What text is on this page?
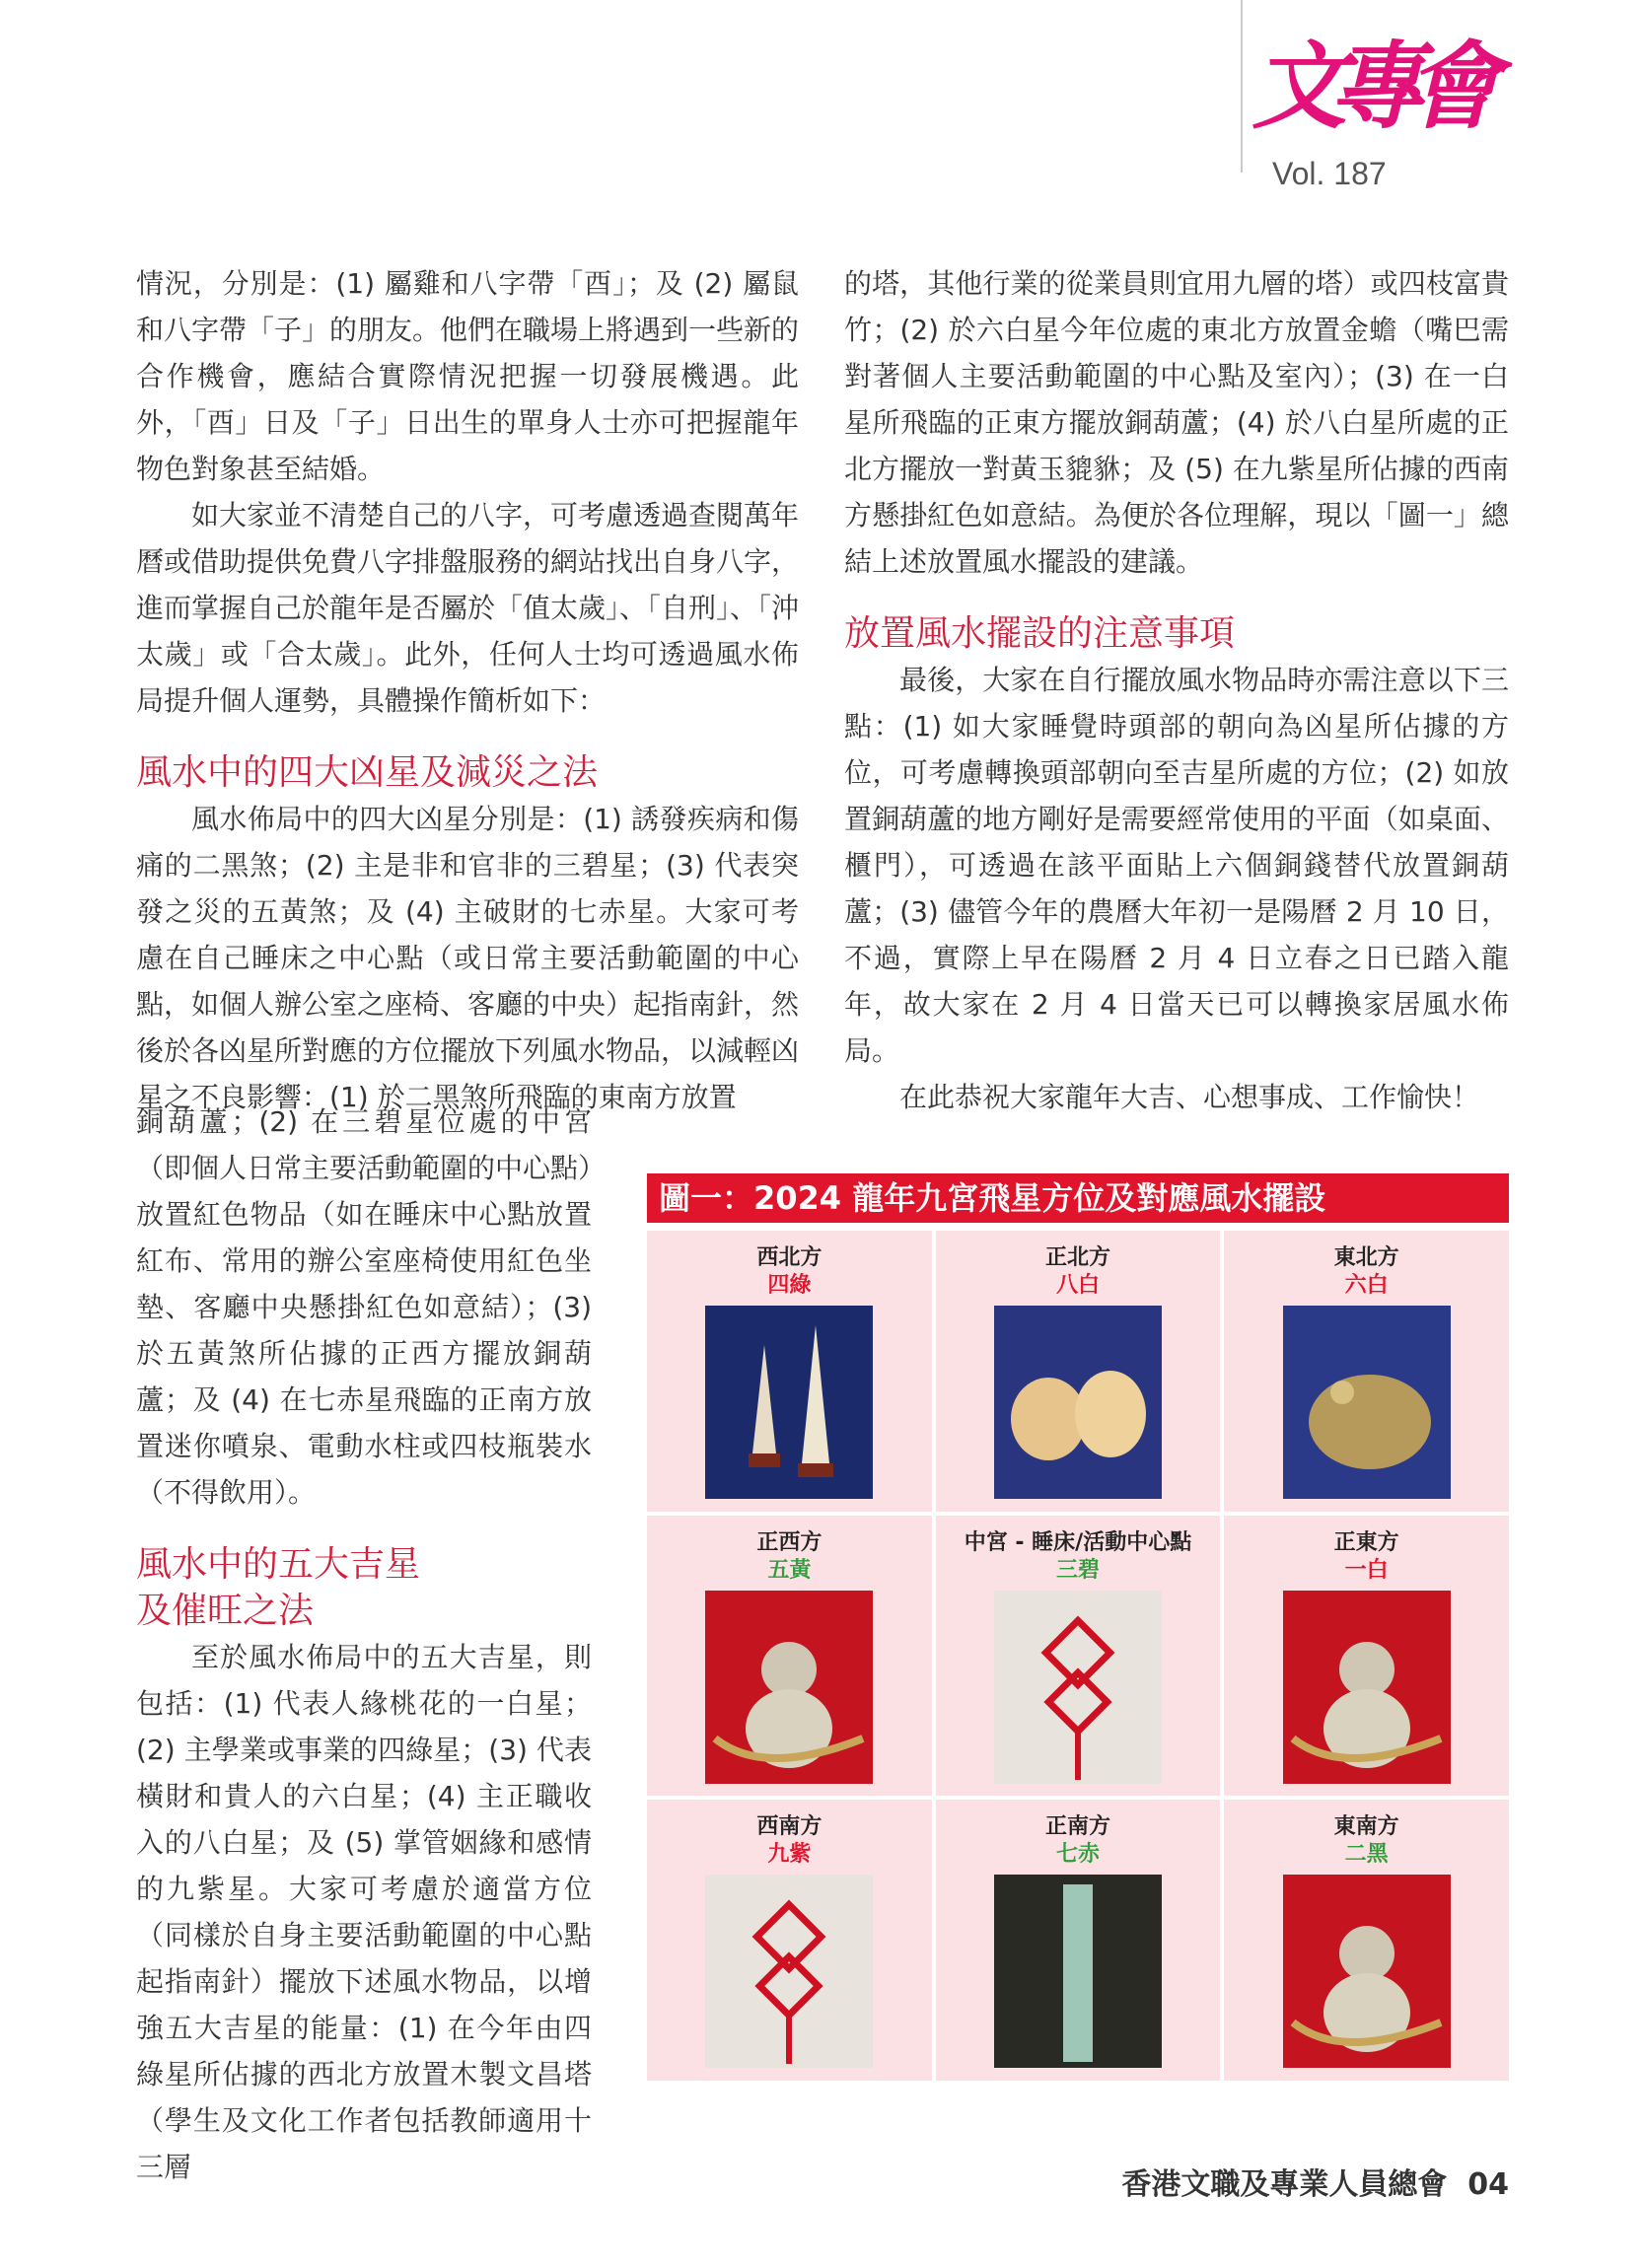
文專會
Vol. 187

情況，分別是：(1) 屬雞和八字帶「酉」；及 (2) 屬鼠和八字帶「子」的朋友。他們在職場上將遇到一些新的合作機會，應結合實際情況把握一切發展機遇。此外，「酉」日及「子」日出生的單身人士亦可把握龍年物色對象甚至結婚。

如大家並不清楚自己的八字，可考慮透過查閱萬年曆或借助提供免費八字排盤服務的網站找出自身八字，進而掌握自己於龍年是否屬於「值太歲」、「自刑」、「沖太歲」或「合太歲」。此外，任何人士均可透過風水佈局提升個人運勢，具體操作簡析如下：

風水中的四大凶星及減災之法

風水佈局中的四大凶星分別是：(1) 誘發疾病和傷痛的二黑煞；(2) 主是非和官非的三碧星；(3) 代表突發之災的五黃煞；及 (4) 主破財的七赤星。大家可考慮在自己睡床之中心點（或日常主要活動範圍的中心點，如個人辦公室之座椅、客廳的中央）起指南針，然後於各凶星所對應的方位擺放下列風水物品，以減輕凶星之不良影響：(1) 於二黑煞所飛臨的東南方放置

銅葫蘆；(2) 在三碧星位處的中宮（即個人日常主要活動範圍的中心點）放置紅色物品（如在睡床中心點放置紅布、常用的辦公室座椅使用紅色坐墊、客廳中央懸掛紅色如意結）；(3) 於五黃煞所佔據的正西方擺放銅葫蘆；及 (4) 在七赤星飛臨的正南方放置迷你噴泉、電動水柱或四枝瓶裝水（不得飲用）。

風水中的五大吉星
及催旺之法

至於風水佈局中的五大吉星，則包括：(1) 代表人緣桃花的一白星；(2) 主學業或事業的四綠星；(3) 代表橫財和貴人的六白星；(4) 主正職收入的八白星；及 (5) 掌管姻緣和感情的九紫星。大家可考慮於適當方位（同樣於自身主要活動範圍的中心點起指南針）擺放下述風水物品，以增強五大吉星的能量：(1) 在今年由四綠星所佔據的西北方放置木製文昌塔（學生及文化工作者包括教師適用十三層

的塔，其他行業的從業員則宜用九層的塔）或四枝富貴竹；(2) 於六白星今年位處的東北方放置金蟾（嘴巴需對著個人主要活動範圍的中心點及室內）；(3) 在一白星所飛臨的正東方擺放銅葫蘆；(4) 於八白星所處的正北方擺放一對黃玉貔貅；及 (5) 在九紫星所佔據的西南方懸掛紅色如意結。為便於各位理解，現以「圖一」總結上述放置風水擺設的建議。

放置風水擺設的注意事項

最後，大家在自行擺放風水物品時亦需注意以下三點：(1) 如大家睡覺時頭部的朝向為凶星所佔據的方位，可考慮轉換頭部朝向至吉星所處的方位；(2) 如放置銅葫蘆的地方剛好是需要經常使用的平面（如桌面、櫃門），可透過在該平面貼上六個銅錢替代放置銅葫蘆；(3) 儘管今年的農曆大年初一是陽曆 2 月 10 日，不過，實際上早在陽曆 2 月 4 日立春之日已踏入龍年，故大家在 2 月 4 日當天已可以轉換家居風水佈局。

在此恭祝大家龍年大吉、心想事成、工作愉快！

圖一：2024 龍年九宮飛星方位及對應風水擺設
西北方
四綠
正北方
八白
東北方
六白
正西方
五黃
中宮 - 睡床/活動中心點
三碧
正東方
一白
西南方
九紫
正南方
七赤
東南方
二黑
香港文職及專業人員總會 04
